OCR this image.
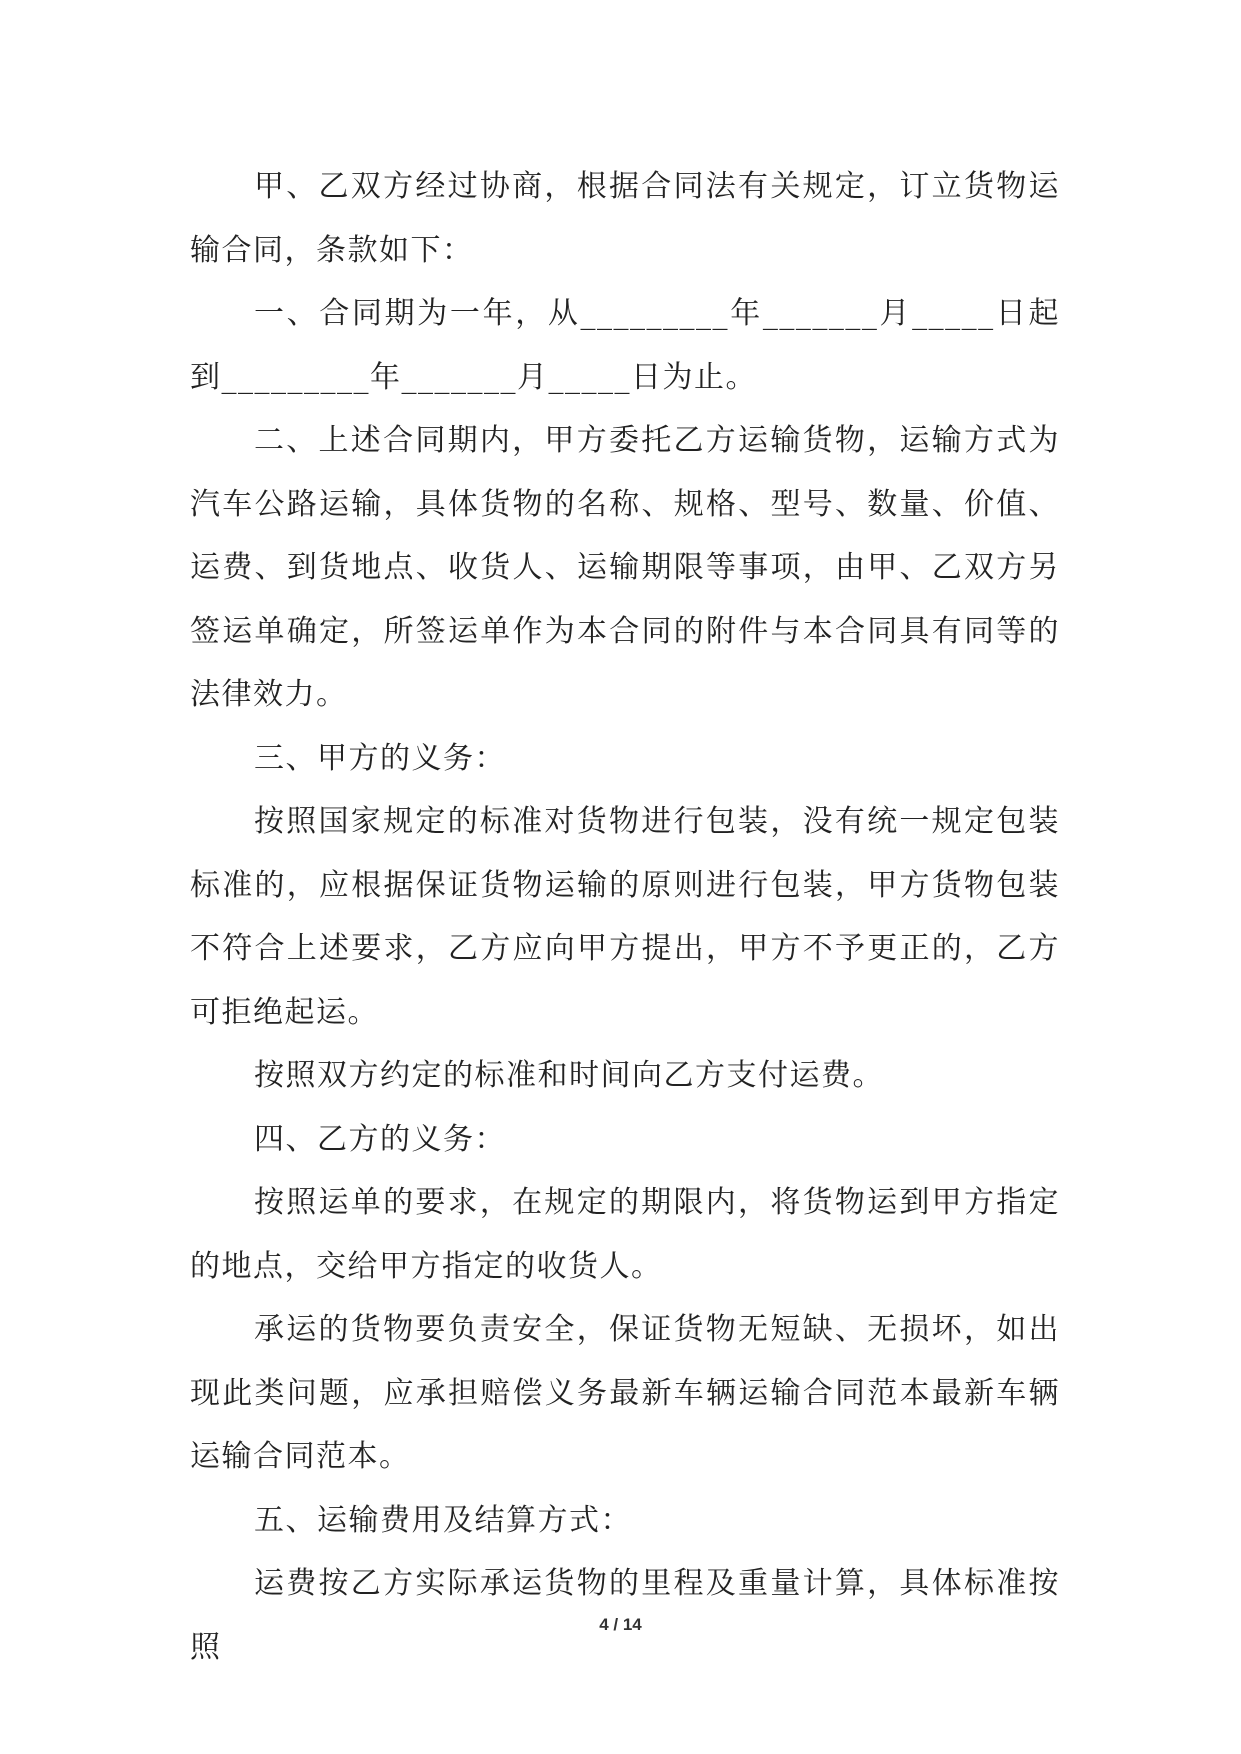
甲、乙双方经过协商，根据合同法有关规定，订立货物运输合同，条款如下：

一、合同期为一年，从_________年_______月_____日起到_________年_______月_____日为止。

二、上述合同期内，甲方委托乙方运输货物，运输方式为汽车公路运输，具体货物的名称、规格、型号、数量、价值、运费、到货地点、收货人、运输期限等事项，由甲、乙双方另签运单确定，所签运单作为本合同的附件与本合同具有同等的法律效力。

三、甲方的义务：

按照国家规定的标准对货物进行包装，没有统一规定包装标准的，应根据保证货物运输的原则进行包装，甲方货物包装不符合上述要求，乙方应向甲方提出，甲方不予更正的，乙方可拒绝起运。

按照双方约定的标准和时间向乙方支付运费。

四、乙方的义务：

按照运单的要求，在规定的期限内，将货物运到甲方指定的地点，交给甲方指定的收货人。

承运的货物要负责安全，保证货物无短缺、无损坏，如出现此类问题，应承担赔偿义务最新车辆运输合同范本最新车辆运输合同范本。

五、运输费用及结算方式：

运费按乙方实际承运货物的里程及重量计算，具体标准按照

4 / 14
